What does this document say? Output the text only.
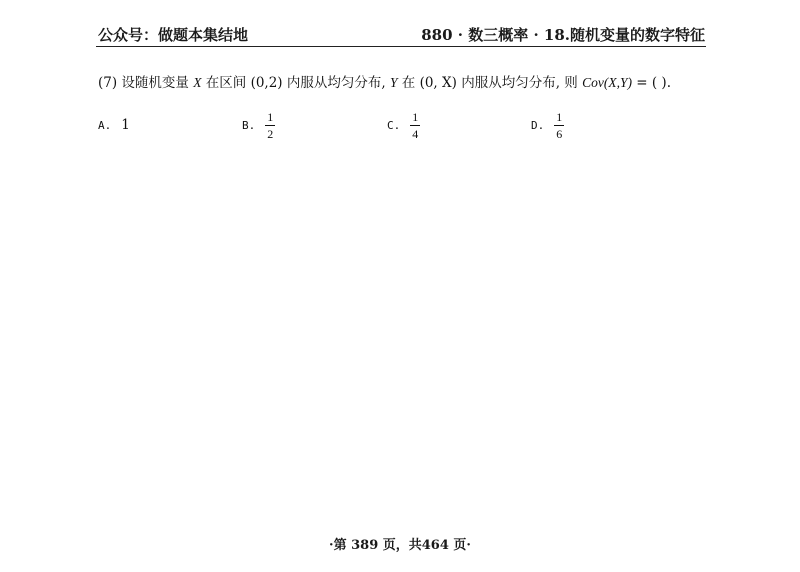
公众号：做题本集结地	880 · 数三概率 · 18.随机变量的数字特征
(7) 设随机变量 X 在区间 (0,2) 内服从均匀分布, Y 在 (0, X) 内服从均匀分布, 则 Cov(X,Y) = ( ).
A. 1	B. $\frac{1}{2}$	C. $\frac{1}{4}$	D. $\frac{1}{6}$
·第 389 页，共464 页·
